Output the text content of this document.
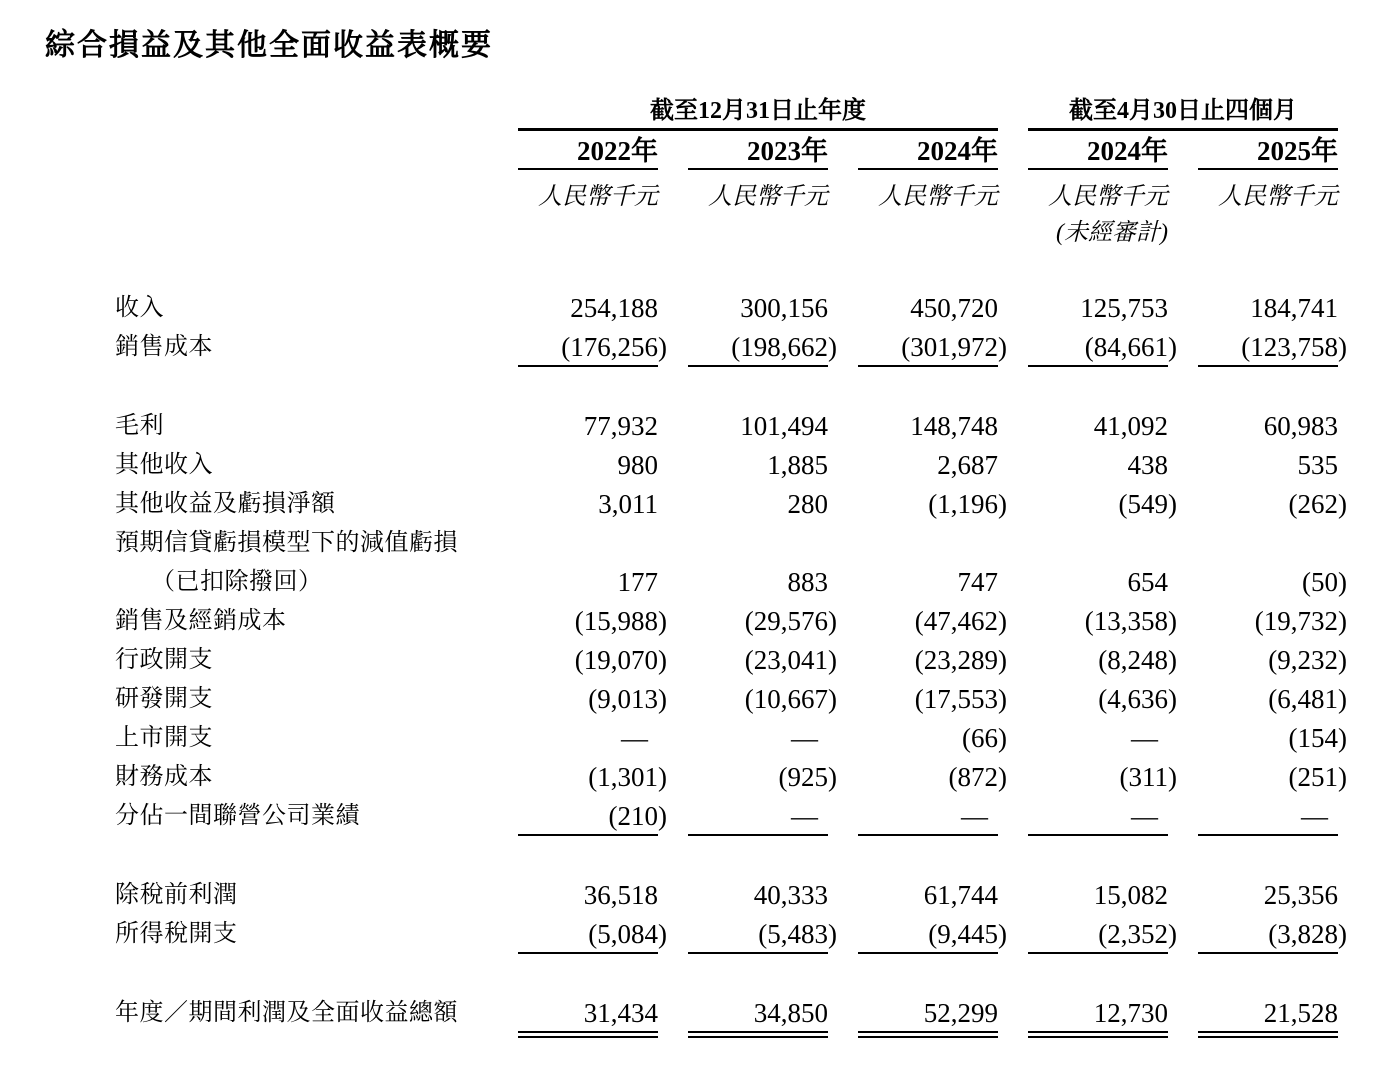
綜合損益及其他全面收益表概要
截至12月31日止年度	截至4月30日止四個月
2022年	2023年	2024年	2024年	2025年
人民幣千元	人民幣千元	人民幣千元	人民幣千元	人民幣千元
(未經審計)
收入	254,188	300,156	450,720	125,753	184,741
銷售成本	(176,256)	(198,662)	(301,972)	(84,661)	(123,758)
毛利	77,932	101,494	148,748	41,092	60,983
其他收入	980	1,885	2,687	438	535
其他收益及虧損淨額	3,011	280	(1,196)	(549)	(262)
預期信貸虧損模型下的減值虧損
（已扣除撥回）	177	883	747	654	(50)
銷售及經銷成本	(15,988)	(29,576)	(47,462)	(13,358)	(19,732)
行政開支	(19,070)	(23,041)	(23,289)	(8,248)	(9,232)
研發開支	(9,013)	(10,667)	(17,553)	(4,636)	(6,481)
上市開支	—	—	(66)	—	(154)
財務成本	(1,301)	(925)	(872)	(311)	(251)
分佔一間聯營公司業績	(210)	—	—	—	—
除稅前利潤	36,518	40,333	61,744	15,082	25,356
所得稅開支	(5,084)	(5,483)	(9,445)	(2,352)	(3,828)
年度／期間利潤及全面收益總額	31,434	34,850	52,299	12,730	21,528
